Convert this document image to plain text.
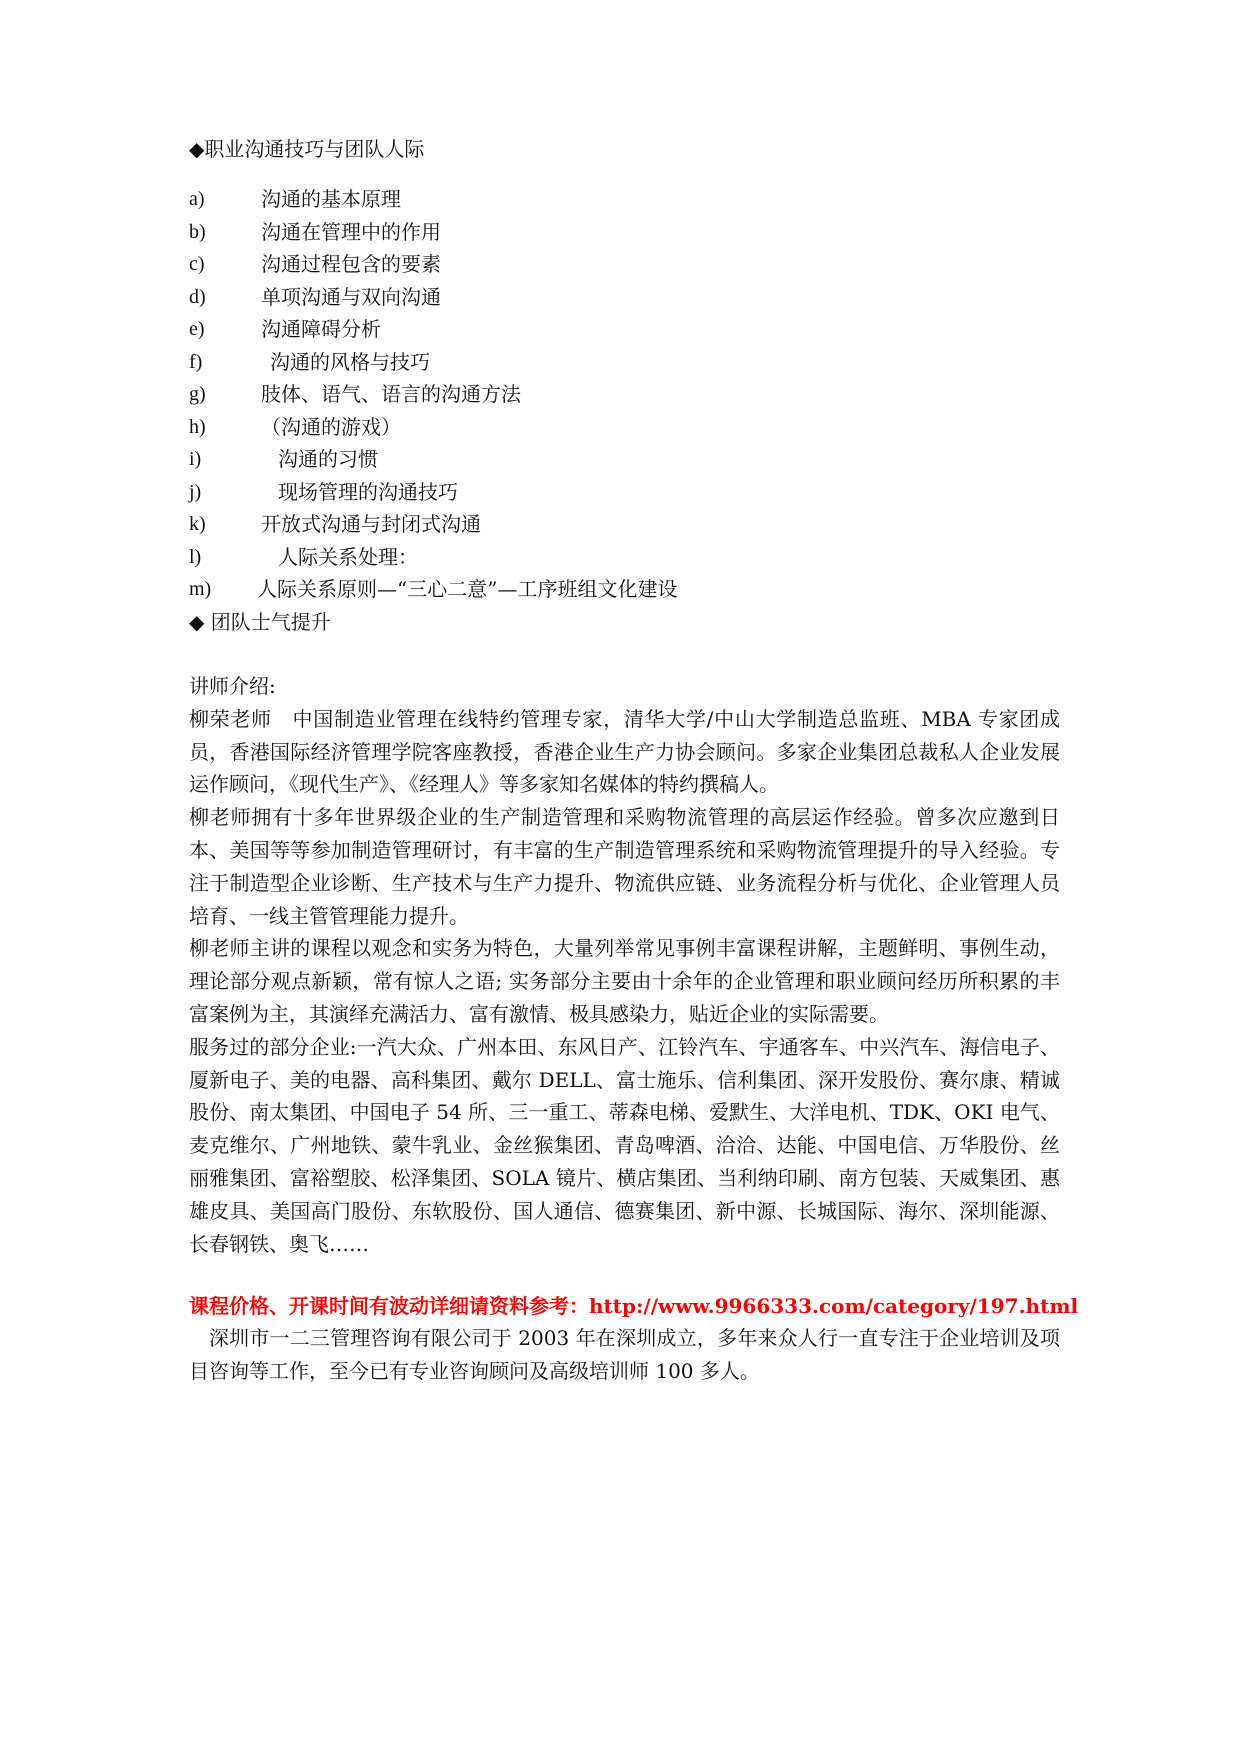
◆职业沟通技巧与团队人际
a)	沟通的基本原理
b)	沟通在管理中的作用
c)	沟通过程包含的要素
d)	单项沟通与双向沟通
e)	沟通障碍分析
f)	沟通的风格与技巧
g)	肢体、语气、语言的沟通方法
h)	（沟通的游戏）
i)	沟通的习惯
j)	现场管理的沟通技巧
k)	开放式沟通与封闭式沟通
l)	人际关系处理：
m) 人际关系原则—“三心二意”—工序班组文化建设
◆ 团队士气提升

讲师介绍:

柳荣老师　中国制造业管理在线特约管理专家，清华大学/中山大学制造总监班、MBA 专家团成员，香港国际经济管理学院客座教授，香港企业生产力协会顾问。多家企业集团总裁私人企业发展运作顾问，《现代生产》、《经理人》等多家知名媒体的特约撰稿人。

柳老师拥有十多年世界级企业的生产制造管理和采购物流管理的高层运作经验。曾多次应邀到日本、美国等等参加制造管理研讨，有丰富的生产制造管理系统和采购物流管理提升的导入经验。专注于制造型企业诊断、生产技术与生产力提升、物流供应链、业务流程分析与优化、企业管理人员培育、一线主管管理能力提升。

柳老师主讲的课程以观念和实务为特色，大量列举常见事例丰富课程讲解，主题鲜明、事例生动，理论部分观点新颖，常有惊人之语; 实务部分主要由十余年的企业管理和职业顾问经历所积累的丰富案例为主，其演绎充满活力、富有激情、极具感染力，贴近企业的实际需要。

服务过的部分企业:一汽大众、广州本田、东风日产、江铃汽车、宇通客车、中兴汽车、海信电子、厦新电子、美的电器、高科集团、戴尔 DELL、富士施乐、信利集团、深开发股份、赛尔康、精诚股份、南太集团、中国电子 54 所、三一重工、蒂森电梯、爱默生、大洋电机、TDK、OKI 电气、麦克维尔、广州地铁、蒙牛乳业、金丝猴集团、青岛啤酒、洽洽、达能、中国电信、万华股份、丝丽雅集团、富裕塑胶、松泽集团、SOLA 镜片、横店集团、当利纳印刷、南方包装、天威集团、惠雄皮具、美国高门股份、东软股份、国人通信、德赛集团、新中源、长城国际、海尔、深圳能源、长春钢铁、奥飞……

课程价格、开课时间有波动详细请资料参考：http://www.9966333.com/category/197.html
深圳市一二三管理咨询有限公司于 2003 年在深圳成立，多年来众人行一直专注于企业培训及项目咨询等工作，至今已有专业咨询顾问及高级培训师 100 多人。
